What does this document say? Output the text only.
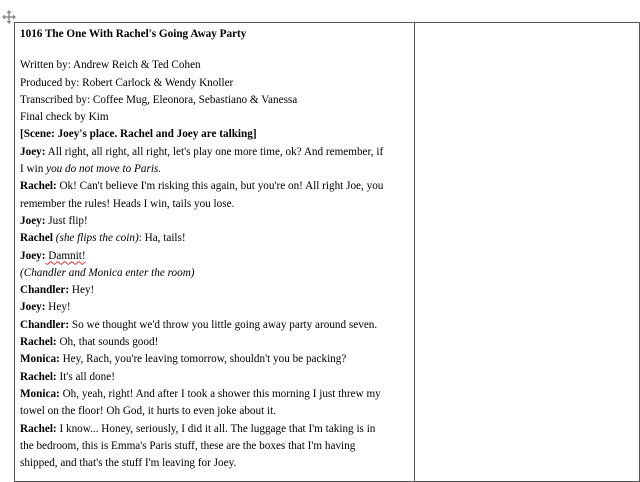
1016 The One With Rachel's Going Away Party
Written by: Andrew Reich & Ted Cohen
Produced by: Robert Carlock & Wendy Knoller
Transcribed by: Coffee Mug, Eleonora, Sebastiano & Vanessa
Final check by Kim
[Scene: Joey's place. Rachel and Joey are talking]
Joey: All right, all right, all right, let's play one more time, ok? And remember, if
I win you do not move to Paris.
Rachel: Ok! Can't believe I'm risking this again, but you're on! All right Joe, you
remember the rules! Heads I win, tails you lose.
Joey: Just flip!
Rachel (she flips the coin): Ha, tails!
Joey: Damnit!
(Chandler and Monica enter the room)
Chandler: Hey!
Joey: Hey!
Chandler: So we thought we'd throw you little going away party around seven.
Rachel: Oh, that sounds good!
Monica: Hey, Rach, you're leaving tomorrow, shouldn't you be packing?
Rachel: It's all done!
Monica: Oh, yeah, right! And after I took a shower this morning I just threw my
towel on the floor! Oh God, it hurts to even joke about it.
Rachel: I know... Honey, seriously, I did it all. The luggage that I'm taking is in
the bedroom, this is Emma's Paris stuff, these are the boxes that I'm having
shipped, and that's the stuff I'm leaving for Joey.
